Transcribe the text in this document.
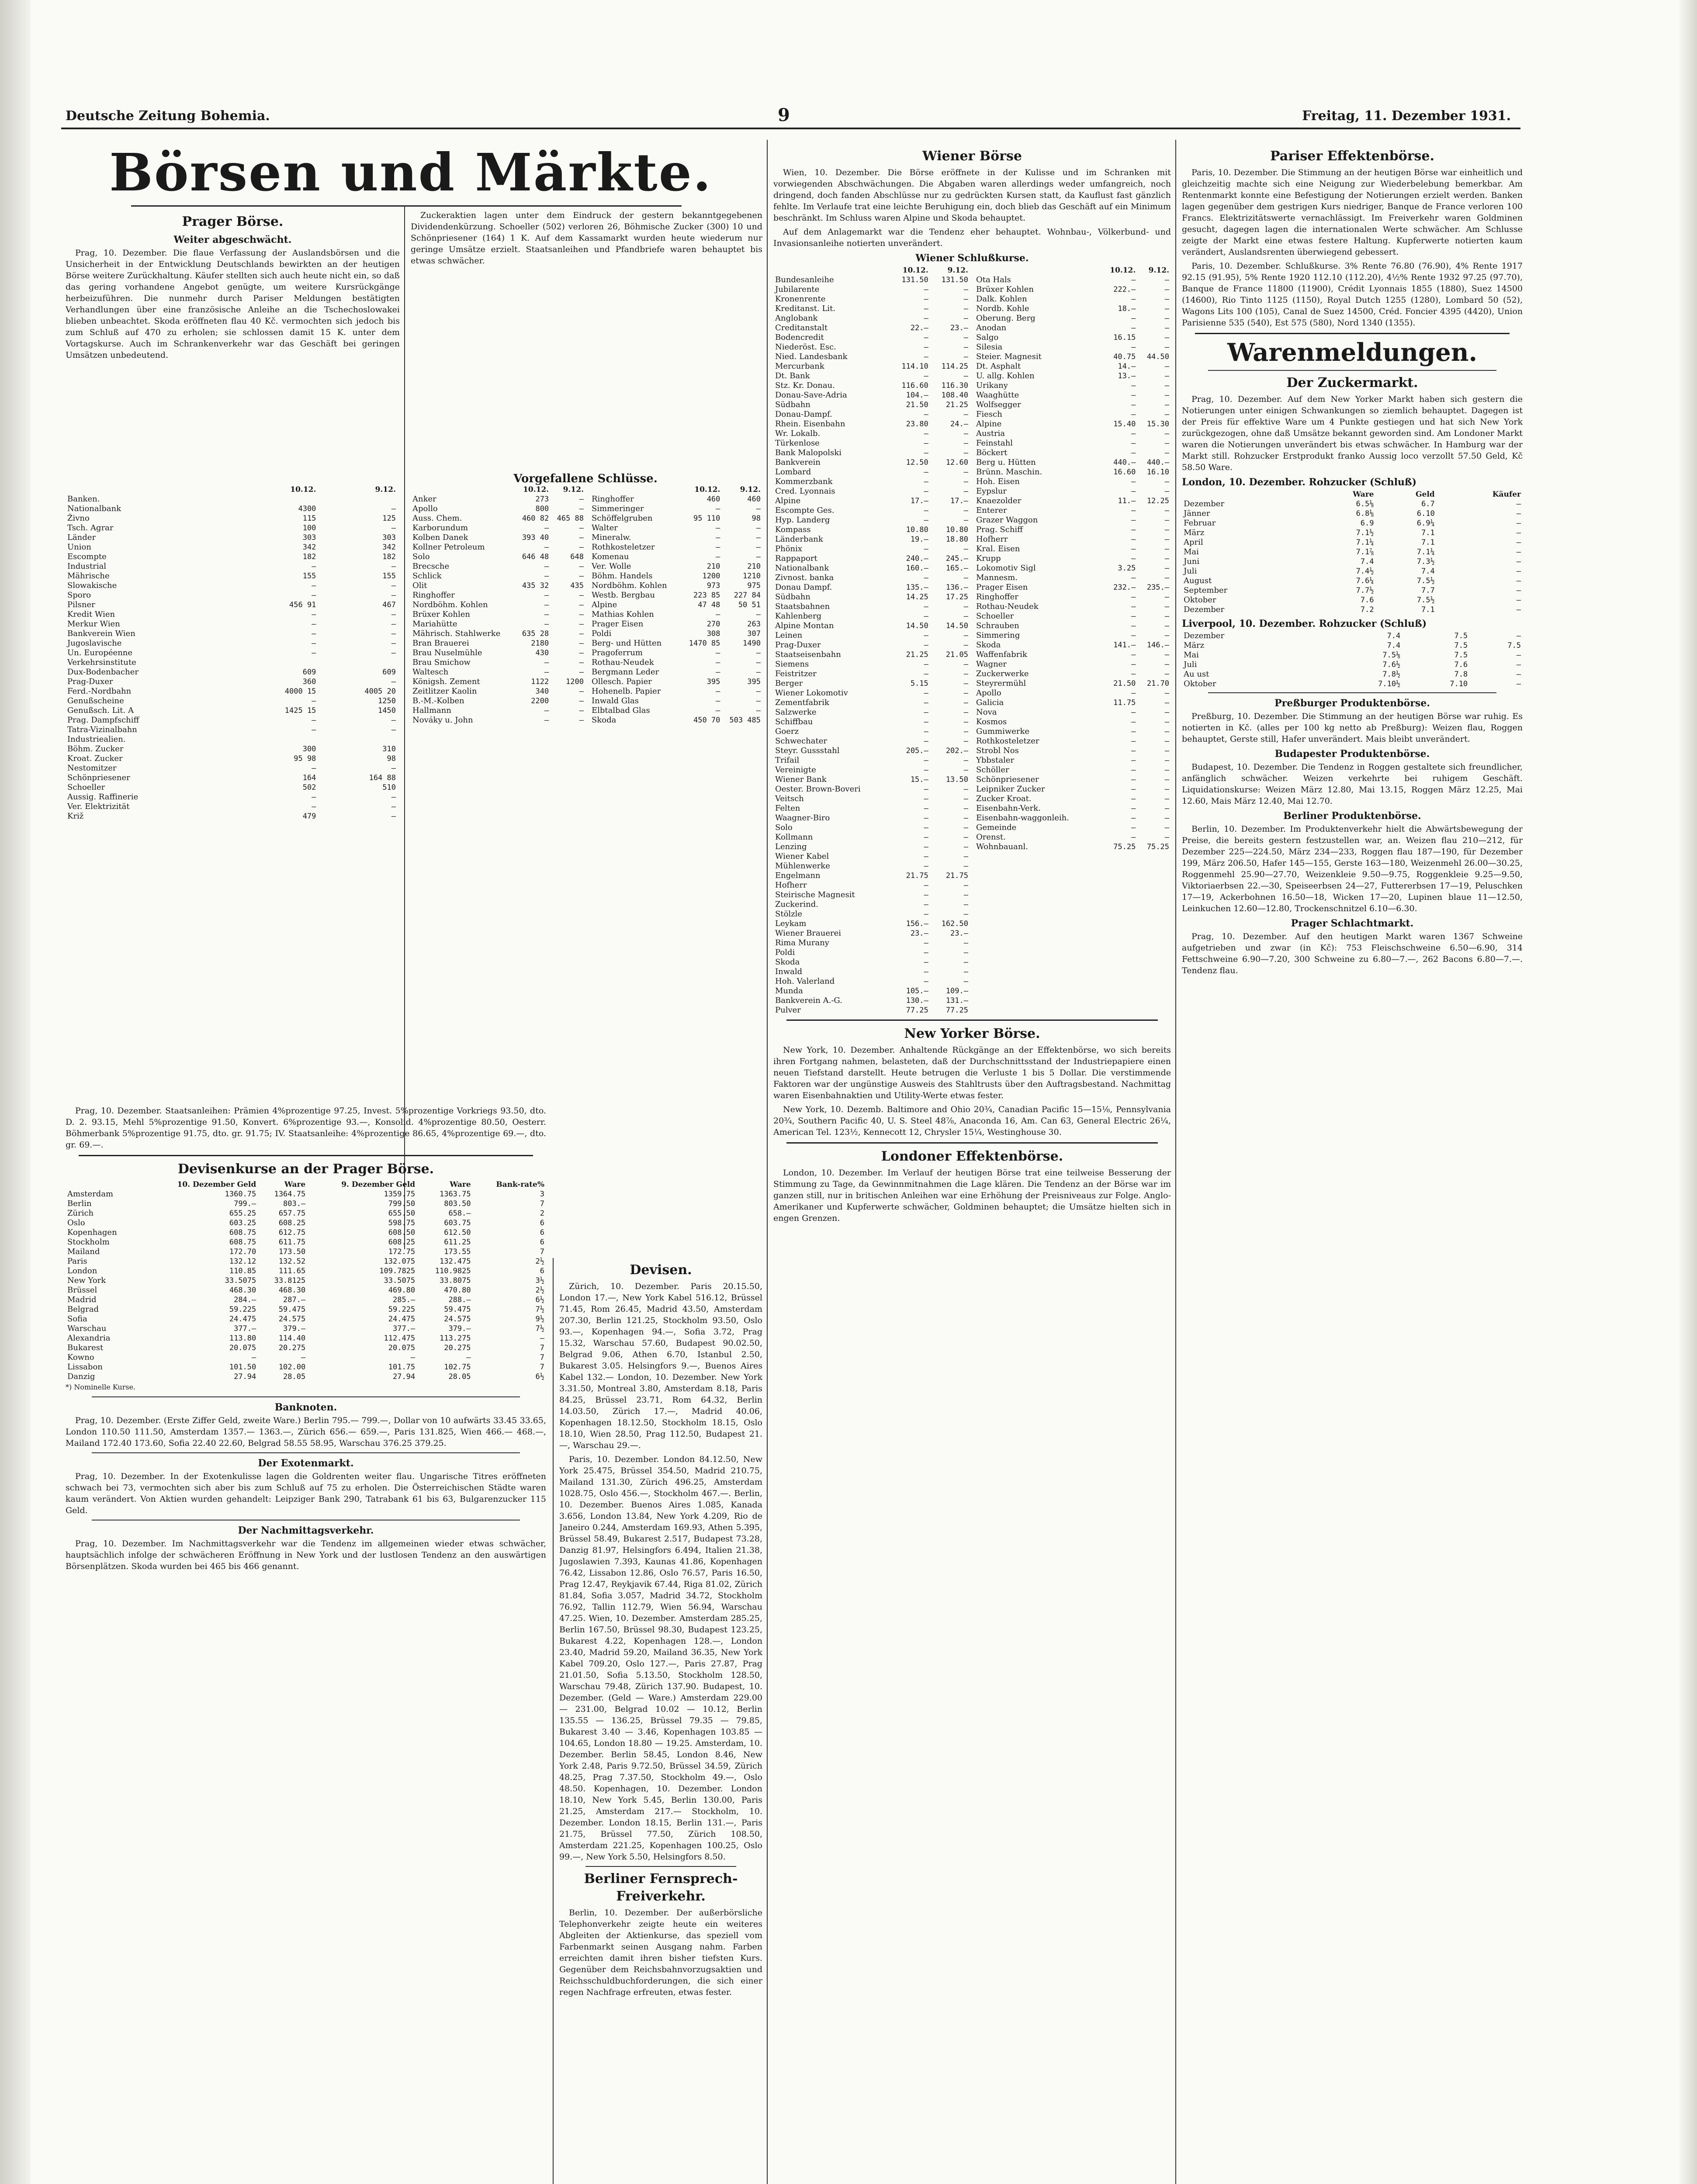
Deutsche Zeitung Bohemia.	9	Freitag, 11. Dezember 1931.
Börsen und Märkte.
Prager Börse.
Weiter abgeschwächt.

Prag, 10. Dezember. Die flaue Verfassung der Auslandsbörsen und die Unsicherheit in der Entwicklung Deutschlands bewirkten an der heutigen Börse weitere Zurückhaltung. Käufer stellten sich auch heute nicht ein, so daß das gering vorhandene Angebot genügte, um weitere Kursrückgänge herbeizuführen. Die nunmehr durch Pariser Meldungen bestätigten Verhandlungen über eine französische Anleihe an die Tschechoslowakei blieben unbeachtet. Skoda eröffneten flau 40 Kč. vermochten sich jedoch bis zum Schluß auf 470 zu erholen; sie schlossen damit 15 K. unter dem Vortagskurse. Auch im Schrankenverkehr war das Geschäft bei geringen Umsätzen unbedeutend.

Zuckeraktien lagen unter dem Eindruck der gestern bekanntgegebenen Dividendenkürzung. Schoeller (502) verloren 26, Böhmische Zucker (300) 10 und Schönpriesener (164) 1 K. Auf dem Kassamarkt wurden heute wiederum nur geringe Umsätze erzielt. Staatsanleihen und Pfandbriefe waren behauptet bis etwas schwächer.

Vorgefallene Schlüsse.
	10.12.	9.12.
Banken.		
Nationalbank	4300	—
Živno	115	125
Tsch. Agrar	100	—
Länder	303	303
Union	342	342
Escompte	182	182
Industrial	—	—
Mährische	155	155
Slowakische	—	—
Sporo	—	—
Pilsner	456 91	467
Kredit Wien	—	—
Merkur Wien	—	—
Bankverein Wien	—	—
Jugoslavische	—	—
Un. Européenne	—	—
Verkehrsinstitute		
Dux-Bodenbacher	609	609
Prag-Duxer	360	—
Ferd.-Nordbahn	4000 15	4005 20
Genußscheine	—	1250
Genußsch. Lit. A	1425 15	1450
Prag. Dampfschiff	—	—
Tatra-Vizinalbahn	—	—
Industriealien.		
Böhm. Zucker	300	310
Kroat. Zucker	95 98	98
Nestomitzer	—	—
Schönpriesener	164	164 88
Schoeller	502	510
Aussig. Raffinerie	—	—
Ver. Elektrizität	—	—
Križ	479	—
	10.12.	9.12.
Anker	273	—
Apollo	800	—
Auss. Chem.	460 82	465 88
Karborundum	—	—
Kolben Danek	393 40	—
Kollner Petroleum	—	—
Solo	646 48	648
Brecsche	—	—
Schlick	—	—
Olit	435 32	435
Ringhoffer	—	—
Nordböhm. Kohlen	—	—
Brüxer Kohlen	—	—
Mariahütte	—	—
Mährisch. Stahlwerke	635 28	—
Bran Brauerei	2180	—
Brau Nuselmühle	430	—
Brau Smichow	—	—
Waltesch	—	—
Königsh. Zement	1122	1200
Zeitlitzer Kaolin	340	—
B.-M.-Kolben	2200	—
Hallmann	—	—
Nováky u. John	—	—
	10.12.	9.12.
Ringhoffer	460	460
Simmeringer	—	—
Schöffelgruben	95 110	98
Walter	—	—
Mineralw.	—	—
Rothkosteletzer	—	—
Komenau	—	—
Ver. Wolle	210	210
Böhm. Handels	1200	1210
Nordböhm. Kohlen	973	975
Westb. Bergbau	223 85	227 84
Alpine	47 48	50 51
Mathias Kohlen	—	—
Prager Eisen	270	263
Poldi	308	307
Berg- und Hütten	1470 85	1490
Pragoferrum	—	—
Rothau-Neudek	—	—
Bergmann Leder	—	—
Ollesch. Papier	395	395
Hohenelb. Papier	—	—
Inwald Glas	—	—
Elbtalbad Glas	—	—
Skoda	450 70	503 485

Prag, 10. Dezember. Staatsanleihen: Prämien 4%prozentige 97.25, Invest. 5%prozentige Vorkriegs 93.50, dto. D. 2. 93.15, Mehl 5%prozentige 91.50, Konvert. 6%prozentige 93.—, Konsolid. 4%prozentige 80.50, Oesterr. Böhmerbank 5%prozentige 91.75, dto. gr. 91.75; IV. Staatsanleihe: 4%prozentige 86.65, 4%prozentige 69.—, dto. gr. 69.—.

Devisenkurse an der Prager Börse.
	10. Dezember Geld	Ware	9. Dezember Geld	Ware	Bank-rate%
Amsterdam	1360.75	1364.75	1359.75	1363.75	3
Berlin	799.—	803.—	799.50	803.50	7
Zürich	655.25	657.75	655.50	658.—	2
Oslo	603.25	608.25	598.75	603.75	6
Kopenhagen	608.75	612.75	608.50	612.50	6
Stockholm	608.75	611.75	608.25	611.25	6
Mailand	172.70	173.50	172.75	173.55	7
Paris	132.12	132.52	132.075	132.475	2½
London	110.85	111.65	109.7825	110.9825	6
New York	33.5075	33.8125	33.5075	33.8075	3½
Brüssel	468.30	468.30	469.80	470.80	2½
Madrid	284.—	287.—	285.—	288.—	6½
Belgrad	59.225	59.475	59.225	59.475	7½
Sofia	24.475	24.575	24.475	24.575	9½
Warschau	377.—	379.—	377.—	379.—	7½
Alexandria	113.80	114.40	112.475	113.275	—
Bukarest	20.075	20.275	20.075	20.275	7
Kowno	—	—	—	—	7
Lissabon	101.50	102.00	101.75	102.75	7
Danzig	27.94	28.05	27.94	28.05	6½
*) Nominelle Kurse.
Banknoten.

Prag, 10. Dezember. (Erste Ziffer Geld, zweite Ware.) Berlin 795.— 799.—, Dollar von 10 aufwärts 33.45 33.65, London 110.50 111.50, Amsterdam 1357.— 1363.—, Zürich 656.— 659.—, Paris 131.825, Wien 466.— 468.—, Mailand 172.40 173.60, Sofia 22.40 22.60, Belgrad 58.55 58.95, Warschau 376.25 379.25.

Der Exotenmarkt.

Prag, 10. Dezember. In der Exotenkulisse lagen die Goldrenten weiter flau. Ungarische Titres eröffneten schwach bei 73, vermochten sich aber bis zum Schluß auf 75 zu erholen. Die Österreichischen Städte waren kaum verändert. Von Aktien wurden gehandelt: Leipziger Bank 290, Tatrabank 61 bis 63, Bulgarenzucker 115 Geld.

Der Nachmittagsverkehr.

Prag, 10. Dezember. Im Nachmittagsverkehr war die Tendenz im allgemeinen wieder etwas schwächer, hauptsächlich infolge der schwächeren Eröffnung in New York und der lustlosen Tendenz an den auswärtigen Börsenplätzen. Skoda wurden bei 465 bis 466 genannt.

Devisen.

Zürich, 10. Dezember. Paris 20.15.50, London 17.—, New York Kabel 516.12, Brüssel 71.45, Rom 26.45, Madrid 43.50, Amsterdam 207.30, Berlin 121.25, Stockholm 93.50, Oslo 93.—, Kopenhagen 94.—, Sofia 3.72, Prag 15.32, Warschau 57.60, Budapest 90.02.50, Belgrad 9.06, Athen 6.70, Istanbul 2.50, Bukarest 3.05. Helsingfors 9.—, Buenos Aires Kabel 132.— London, 10. Dezember. New York 3.31.50, Montreal 3.80, Amsterdam 8.18, Paris 84.25, Brüssel 23.71, Rom 64.32, Berlin 14.03.50, Zürich 17.—, Madrid 40.06, Kopenhagen 18.12.50, Stockholm 18.15, Oslo 18.10, Wien 28.50, Prag 112.50, Budapest 21.—, Warschau 29.—.

Paris, 10. Dezember. London 84.12.50, New York 25.475, Brüssel 354.50, Madrid 210.75, Mailand 131.30, Zürich 496.25, Amsterdam 1028.75, Oslo 456.—, Stockholm 467.—. Berlin, 10. Dezember. Buenos Aires 1.085, Kanada 3.656, London 13.84, New York 4.209, Rio de Janeiro 0.244, Amsterdam 169.93, Athen 5.395, Brüssel 58.49, Bukarest 2.517, Budapest 73.28, Danzig 81.97, Helsingfors 6.494, Italien 21.38, Jugoslawien 7.393, Kaunas 41.86, Kopenhagen 76.42, Lissabon 12.86, Oslo 76.57, Paris 16.50, Prag 12.47, Reykjavik 67.44, Riga 81.02, Zürich 81.84, Sofia 3.057, Madrid 34.72, Stockholm 76.92, Tallin 112.79, Wien 56.94, Warschau 47.25. Wien, 10. Dezember. Amsterdam 285.25, Berlin 167.50, Brüssel 98.30, Budapest 123.25, Bukarest 4.22, Kopenhagen 128.—, London 23.40, Madrid 59.20, Mailand 36.35, New York Kabel 709.20, Oslo 127.—, Paris 27.87, Prag 21.01.50, Sofia 5.13.50, Stockholm 128.50, Warschau 79.48, Zürich 137.90. Budapest, 10. Dezember. (Geld — Ware.) Amsterdam 229.00 — 231.00, Belgrad 10.02 — 10.12, Berlin 135.55 — 136.25, Brüssel 79.35 — 79.85, Bukarest 3.40 — 3.46, Kopenhagen 103.85 — 104.65, London 18.80 — 19.25. Amsterdam, 10. Dezember. Berlin 58.45, London 8.46, New York 2.48, Paris 9.72.50, Brüssel 34.59, Zürich 48.25, Prag 7.37.50, Stockholm 49.—, Oslo 48.50. Kopenhagen, 10. Dezember. London 18.10, New York 5.45, Berlin 130.00, Paris 21.25, Amsterdam 217.— Stockholm, 10. Dezember. London 18.15, Berlin 131.—, Paris 21.75, Brüssel 77.50, Zürich 108.50, Amsterdam 221.25, Kopenhagen 100.25, Oslo 99.—, New York 5.50, Helsingfors 8.50.

Berliner Fernsprech-Freiverkehr.

Berlin, 10. Dezember. Der außerbörsliche Telephonverkehr zeigte heute ein weiteres Abgleiten der Aktienkurse, das speziell vom Farbenmarkt seinen Ausgang nahm. Farben erreichten damit ihren bisher tiefsten Kurs. Gegenüber dem Reichsbahnvorzugsaktien und Reichsschuldbuchforderungen, die sich einer regen Nachfrage erfreuten, etwas fester.

Wiener Börse

Wien, 10. Dezember. Die Börse eröffnete in der Kulisse und im Schranken mit vorwiegenden Abschwächungen. Die Abgaben waren allerdings weder umfangreich, noch dringend, doch fanden Abschlüsse nur zu gedrückten Kursen statt, da Kauflust fast gänzlich fehlte. Im Verlaufe trat eine leichte Beruhigung ein, doch blieb das Geschäft auf ein Minimum beschränkt. Im Schluss waren Alpine und Skoda behauptet.

Auf dem Anlagemarkt war die Tendenz eher behauptet. Wohnbau-, Völkerbund- und Invasionsanleihe notierten unverändert.

Wiener Schlußkurse.
	10.12.	9.12.
Bundesanleihe	131.50	131.50
Jubilarente	—	—
Kronenrente	—	—
Kreditanst. Lit.	—	—
Anglobank	—	—
Creditanstalt	22.—	23.—
Bodencredit	—	—
Niederöst. Esc.	—	—
Nied. Landesbank	—	—
Mercurbank	114.10	114.25
Dt. Bank	—	—
Stz. Kr. Donau.	116.60	116.30
Donau-Save-Adria	104.—	108.40
Südbahn	21.50	21.25
Donau-Dampf.	—	—
Rhein. Eisenbahn	23.80	24.—
Wr. Lokalb.	—	—
Türkenlose	—	—
Bank Malopolski	—	—
Bankverein	12.50	12.60
Lombard	—	—
Kommerzbank	—	—
Cred. Lyonnais	—	—
Alpine	17.—	17.—
Escompte Ges.	—	—
Hyp. Landerg	—	—
Kompass	10.80	10.80
Länderbank	19.—	18.80
Phönix	—	—
Rappaport	240.—	245.—
Nationalbank	160.—	165.—
Zivnost. banka	—	—
Donau Dampf.	135.—	136.—
Südbahn	14.25	17.25
Staatsbahnen	—	—
Kahlenberg	—	—
Alpine Montan	14.50	14.50
Leinen	—	—
Prag-Duxer	—	—
Staatseisenbahn	21.25	21.05
Siemens	—	—
Feistritzer	—	—
Berger	5.15	—
Wiener Lokomotiv	—	—
Zementfabrik	—	—
Salzwerke	—	—
Schiffbau	—	—
Goerz	—	—
Schwechater	—	—
Steyr. Gussstahl	205.—	202.—
Trifail	—	—
Vereinigte	—	—
Wiener Bank	15.—	13.50
Oester. Brown-Boveri	—	—
Veitsch	—	—
Felten	—	—
Waagner-Biro	—	—
Solo	—	—
Kollmann	—	—
Lenzing	—	—
Wiener Kabel	—	—
Mühlenwerke	—	—
Engelmann	21.75	21.75
Hofherr	—	—
Steirische Magnesit	—	—
Zuckerind.	—	—
Stölzle	—	—
Leykam	156.—	162.50
Wiener Brauerei	23.—	23.—
Rima Murany	—	—
Poldi	—	—
Skoda	—	—
Inwald	—	—
Hoh. Valerland	—	—
Munda	105.—	109.—
Bankverein A.-G.	130.—	131.—
Pulver	77.25	77.25
	10.12.	9.12.
Ota Hals	—	—
Brüxer Kohlen	222.—	—
Dalk. Kohlen	—	—
Nordb. Kohle	18.—	—
Oberung. Berg	—	—
Anodan	—	—
Salgo	16.15	—
Silesia	—	—
Steier. Magnesit	40.75	44.50
Dt. Asphalt	14.—	—
U. allg. Kohlen	13.—	—
Urikany	—	—
Waaghütte	—	—
Wolfsegger	—	—
Fiesch	—	—
Alpine	15.40	15.30
Austria	—	—
Feinstahl	—	—
Böckert	—	—
Berg u. Hütten	440.—	440.—
Brünn. Maschin.	16.60	16.10
Hoh. Eisen	—	—
Eypslur	—	—
Knaezolder	11.—	12.25
Enterer	—	—
Grazer Waggon	—	—
Prag. Schiff	—	—
Hofherr	—	—
Kral. Eisen	—	—
Krupp	—	—
Lokomotiv Sigl	3.25	—
Mannesm.	—	—
Prager Eisen	232.—	235.—
Ringhoffer	—	—
Rothau-Neudek	—	—
Schoeller	—	—
Schrauben	—	—
Simmering	—	—
Skoda	141.—	146.—
Waffenfabrik	—	—
Wagner	—	—
Zuckerwerke	—	—
Steyrermühl	21.50	21.70
Apollo	—	—
Galicia	11.75	—
Nova	—	—
Kosmos	—	—
Gummiwerke	—	—
Rothkosteletzer	—	—
Strobl Nos	—	—
Ybbstaler	—	—
Schöller	—	—
Schönpriesener	—	—
Leipniker Zucker	—	—
Zucker Kroat.	—	—
Eisenbahn-Verk.	—	—
Eisenbahn-waggonleih.	—	—
Gemeinde	—	—
Orenst.	—	—
Wohnbauanl.	75.25	75.25
New Yorker Börse.

New York, 10. Dezember. Anhaltende Rückgänge an der Effektenbörse, wo sich bereits ihren Fortgang nahmen, belasteten, daß der Durchschnittsstand der Industriepapiere einen neuen Tiefstand darstellt. Heute betrugen die Verluste 1 bis 5 Dollar. Die verstimmende Faktoren war der ungünstige Ausweis des Stahltrusts über den Auftragsbestand. Nachmittag waren Eisenbahnaktien und Utility-Werte etwas fester.

New York, 10. Dezemb. Baltimore and Ohio 20¾, Canadian Pacific 15—15⅛, Pennsylvania 20¾, Southern Pacific 40, U. S. Steel 48⅞, Anaconda 16, Am. Can 63, General Electric 26¼, American Tel. 123½, Kennecott 12, Chrysler 15¼, Westinghouse 30.

Londoner Effektenbörse.

London, 10. Dezember. Im Verlauf der heutigen Börse trat eine teilweise Besserung der Stimmung zu Tage, da Gewinnmitnahmen die Lage klären. Die Tendenz an der Börse war im ganzen still, nur in britischen Anleihen war eine Erhöhung der Preisniveaus zur Folge. Anglo-Amerikaner und Kupferwerte schwächer, Goldminen behauptet; die Umsätze hielten sich in engen Grenzen.

Pariser Effektenbörse.

Paris, 10. Dezember. Die Stimmung an der heutigen Börse war einheitlich und gleichzeitig machte sich eine Neigung zur Wiederbelebung bemerkbar. Am Rentenmarkt konnte eine Befestigung der Notierungen erzielt werden. Banken lagen gegenüber dem gestrigen Kurs niedriger, Banque de France verloren 100 Francs. Elektrizitätswerte vernachlässigt. Im Freiverkehr waren Goldminen gesucht, dagegen lagen die internationalen Werte schwächer. Am Schlusse zeigte der Markt eine etwas festere Haltung. Kupferwerte notierten kaum verändert, Auslandsrenten überwiegend gebessert.

Paris, 10. Dezember. Schlußkurse. 3% Rente 76.80 (76.90), 4% Rente 1917 92.15 (91.95), 5% Rente 1920 112.10 (112.20), 4½% Rente 1932 97.25 (97.70), Banque de France 11800 (11900), Crédit Lyonnais 1855 (1880), Suez 14500 (14600), Rio Tinto 1125 (1150), Royal Dutch 1255 (1280), Lombard 50 (52), Wagons Lits 100 (105), Canal de Suez 14500, Créd. Foncier 4395 (4420), Union Parisienne 535 (540), Est 575 (580), Nord 1340 (1355).

Warenmeldungen.
Der Zuckermarkt.

Prag, 10. Dezember. Auf dem New Yorker Markt haben sich gestern die Notierungen unter einigen Schwankungen so ziemlich behauptet. Dagegen ist der Preis für effektive Ware um 4 Punkte gestiegen und hat sich New York zurückgezogen, ohne daß Umsätze bekannt geworden sind. Am Londoner Markt waren die Notierungen unverändert bis etwas schwächer. In Hamburg war der Markt still. Rohzucker Erstprodukt franko Aussig loco verzollt 57.50 Geld, Kč 58.50 Ware.

London, 10. Dezember. Rohzucker (Schluß)
	Ware	Geld	Käufer
Dezember	6.5⅛	6.7	—
Jänner	6.8⅛	6.10	—
Februar	6.9	6.9¼	—
März	7.1½	7.1	—
April	7.1¼	7.1	—
Mai	7.1⅞	7.1¼	—
Juni	7.4	7.3½	—
Juli	7.4½	7.4	—
August	7.6¼	7.5½	—
September	7.7½	7.7	—
Oktober	7.6	7.5½	—
Dezember	7.2	7.1	—
Liverpool, 10. Dezember. Rohzucker (Schluß)
Dezember	7.4	7.5	—
März	7.4	7.5	7.5
Mai	7.5⅛	7.5	—
Juli	7.6½	7.6	—
Au ust	7.8½	7.8	—
Oktober	7.10½	7.10	—
Preßburger Produktenbörse.

Preßburg, 10. Dezember. Die Stimmung an der heutigen Börse war ruhig. Es notierten in Kč. (alles per 100 kg netto ab Preßburg): Weizen flau, Roggen behauptet, Gerste still, Hafer unverändert. Mais bleibt unverändert.

Budapester Produktenbörse.

Budapest, 10. Dezember. Die Tendenz in Roggen gestaltete sich freundlicher, anfänglich schwächer. Weizen verkehrte bei ruhigem Geschäft. Liquidationskurse: Weizen März 12.80, Mai 13.15, Roggen März 12.25, Mai 12.60, Mais März 12.40, Mai 12.70.

Berliner Produktenbörse.

Berlin, 10. Dezember. Im Produktenverkehr hielt die Abwärtsbewegung der Preise, die bereits gestern festzustellen war, an. Weizen flau 210—212, für Dezember 225—224.50, März 234—233, Roggen flau 187—190, für Dezember 199, März 206.50, Hafer 145—155, Gerste 163—180, Weizenmehl 26.00—30.25, Roggenmehl 25.90—27.70, Weizenkleie 9.50—9.75, Roggenkleie 9.25—9.50, Viktoriaerbsen 22.—30, Speiseerbsen 24—27, Futtererbsen 17—19, Peluschken 17—19, Ackerbohnen 16.50—18, Wicken 17—20, Lupinen blaue 11—12.50, Leinkuchen 12.60—12.80, Trockenschnitzel 6.10—6.30.

Prager Schlachtmarkt.

Prag, 10. Dezember. Auf den heutigen Markt waren 1367 Schweine aufgetrieben und zwar (in Kč): 753 Fleischschweine 6.50—6.90, 314 Fettschweine 6.90—7.20, 300 Schweine zu 6.80—7.—, 262 Bacons 6.80—7.—. Tendenz flau.
